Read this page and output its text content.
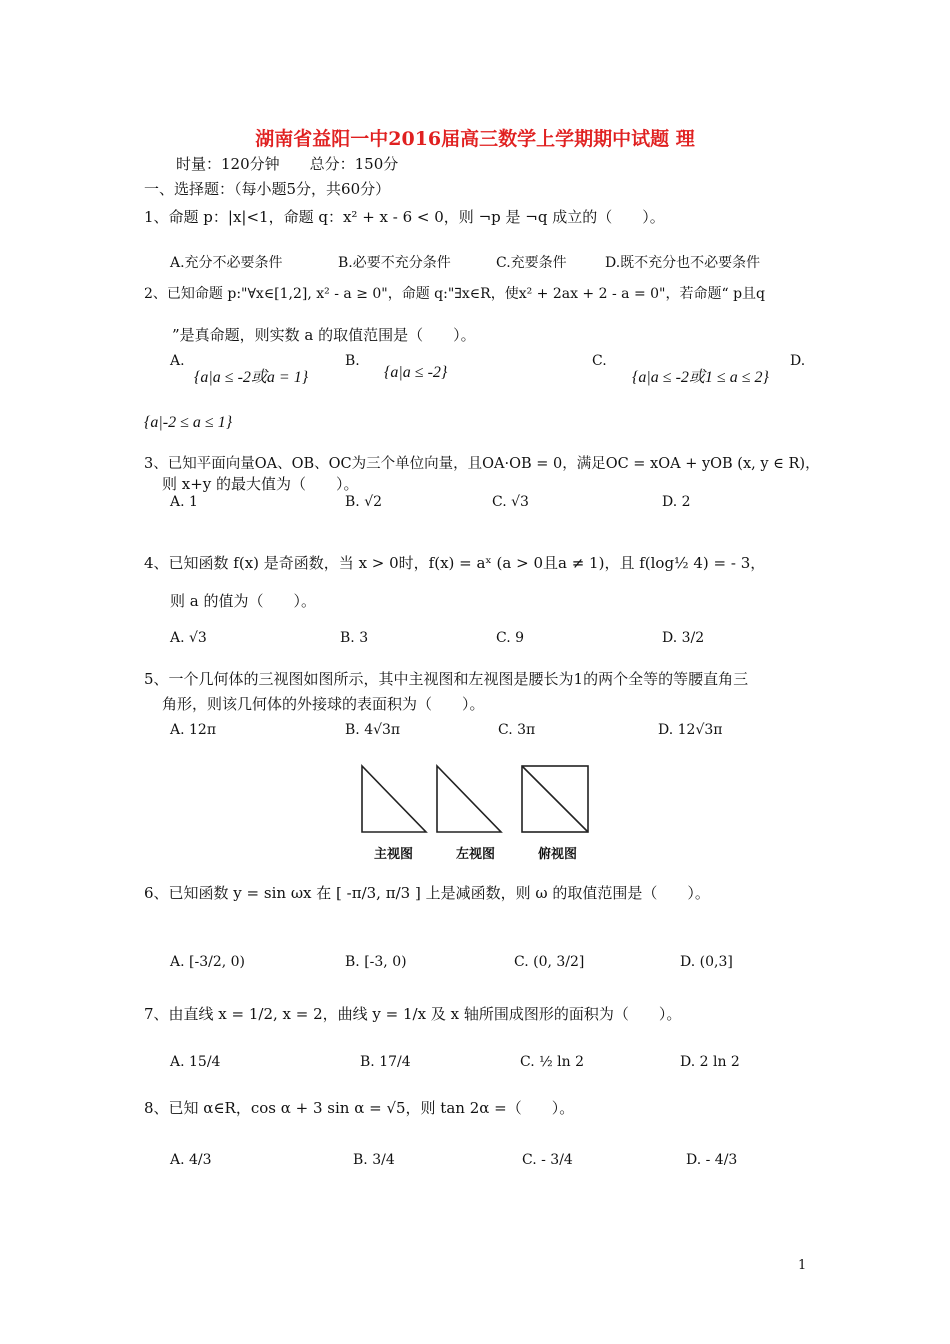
湖南省益阳一中2016届高三数学上学期期中试题 理
时量：120分钟　　总分：150分
一、选择题：（每小题5分，共60分）
1、命题 p：|x|<1，命题 q：x² + x - 6 < 0，则 ¬p 是 ¬q 成立的（　　）。
A.充分不必要条件	B.必要不充分条件	C.充要条件	D.既不充分也不必要条件
2、已知命题 p:"∀x∈[1,2], x² - a ≥ 0"，命题 q:"∃x∈R，使x² + 2ax + 2 - a = 0"，若命题“ p且q
”是真命题，则实数 a 的取值范围是（　　）。
A.
{a|a ≤ -2或a = 1}
B.
{a|a ≤ -2}
C.
{a|a ≤ -2或1 ≤ a ≤ 2}
D.
{a|-2 ≤ a ≤ 1}
3、已知平面向量OA、OB、OC为三个单位向量，且OA·OB = 0，满足OC = xOA + yOB (x, y ∈ R)，
则 x+y 的最大值为（　　）。
A. 1	B. √2	C. √3	D. 2
4、已知函数 f(x) 是奇函数，当 x > 0时，f(x) = aˣ (a > 0且a ≠ 1)，且 f(log½ 4) = - 3，
则 a 的值为（　　）。
A. √3	B. 3	C. 9	D. 3/2
5、一个几何体的三视图如图所示，其中主视图和左视图是腰长为1的两个全等的等腰直角三
角形，则该几何体的外接球的表面积为（　　）。
A. 12π	B. 4√3π	C. 3π	D. 12√3π
主视图	左视图	俯视图
6、已知函数 y = sin ωx 在 [ -π/3, π/3 ] 上是减函数，则 ω 的取值范围是（　　）。
A. [-3/2, 0)	B. [-3, 0)	C. (0, 3/2]	D. (0,3]
7、由直线 x = 1/2, x = 2，曲线 y = 1/x 及 x 轴所围成图形的面积为（　　）。
A. 15/4	B. 17/4	C. ½ ln 2	D. 2 ln 2
8、已知 α∈R，cos α + 3 sin α = √5，则 tan 2α =（　　）。
A. 4/3	B. 3/4	C. - 3/4	D. - 4/3
1
